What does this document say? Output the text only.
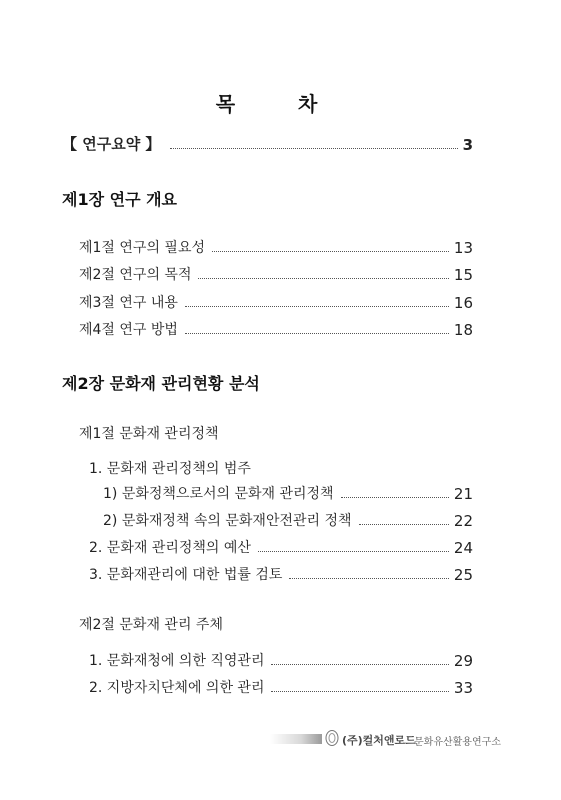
목 차
【 연구요약 】	3
제1장 연구 개요
제1절 연구의 필요성	13
제2절 연구의 목적	15
제3절 연구 내용	16
제4절 연구 방법	18
제2장 문화재 관리현황 분석
제1절 문화재 관리정책
1. 문화재 관리정책의 범주
1) 문화정책으로서의 문화재 관리정책	21
2) 문화재정책 속의 문화재안전관리 정책	22
2. 문화재 관리정책의 예산	24
3. 문화재관리에 대한 법률 검토	25
제2절 문화재 관리 주체
1. 문화재청에 의한 직영관리	29
2. 지방자치단체에 의한 관리	33
(주)컬처앤로드
문화유산활용연구소
